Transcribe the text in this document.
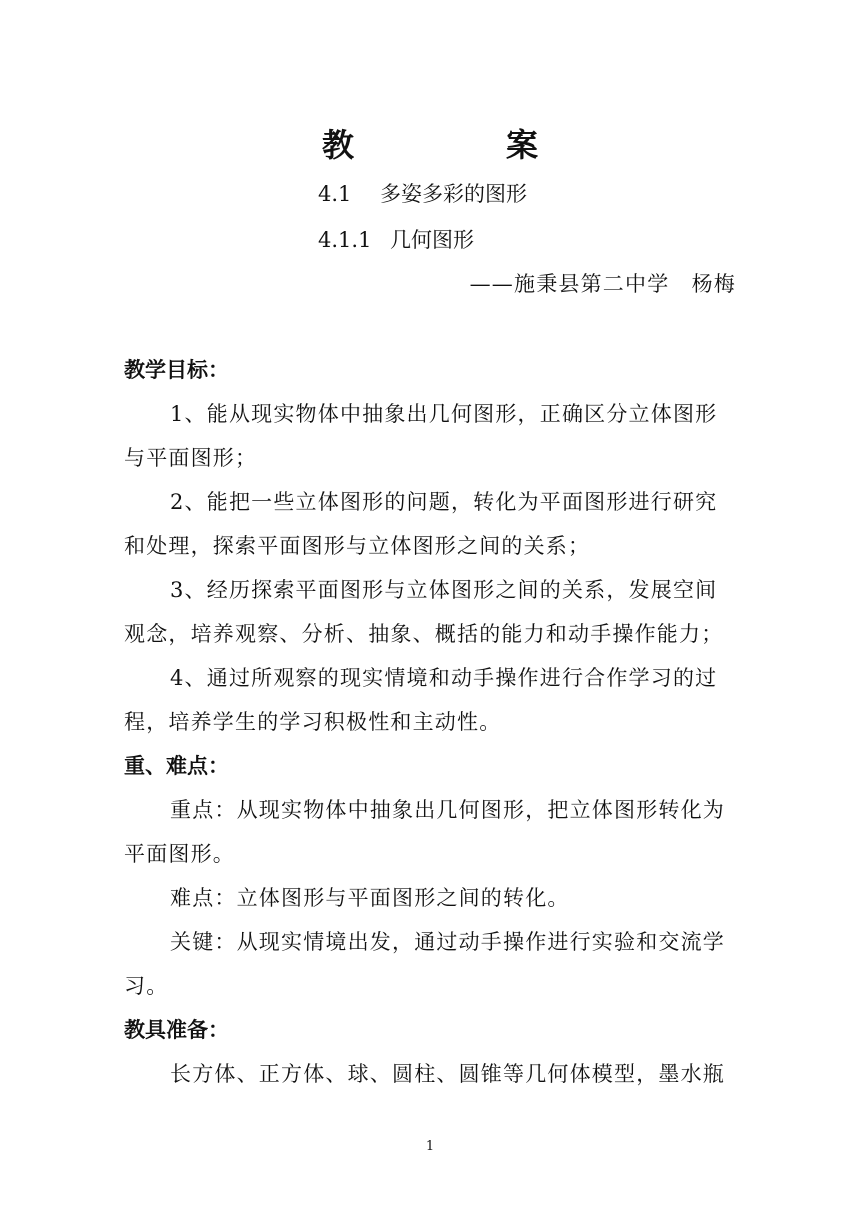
教　案
4.1 多姿多彩的图形
4.1.1 几何图形
——施秉县第二中学　杨梅
教学目标：
1、能从现实物体中抽象出几何图形，正确区分立体图形
与平面图形；
2、能把一些立体图形的问题，转化为平面图形进行研究
和处理，探索平面图形与立体图形之间的关系；
3、经历探索平面图形与立体图形之间的关系，发展空间
观念，培养观察、分析、抽象、概括的能力和动手操作能力；
4、通过所观察的现实情境和动手操作进行合作学习的过
程，培养学生的学习积极性和主动性。
重、难点：
重点：从现实物体中抽象出几何图形，把立体图形转化为
平面图形。
难点：立体图形与平面图形之间的转化。
关键：从现实情境出发，通过动手操作进行实验和交流学
习。
教具准备：
长方体、正方体、球、圆柱、圆锥等几何体模型，墨水瓶
1
